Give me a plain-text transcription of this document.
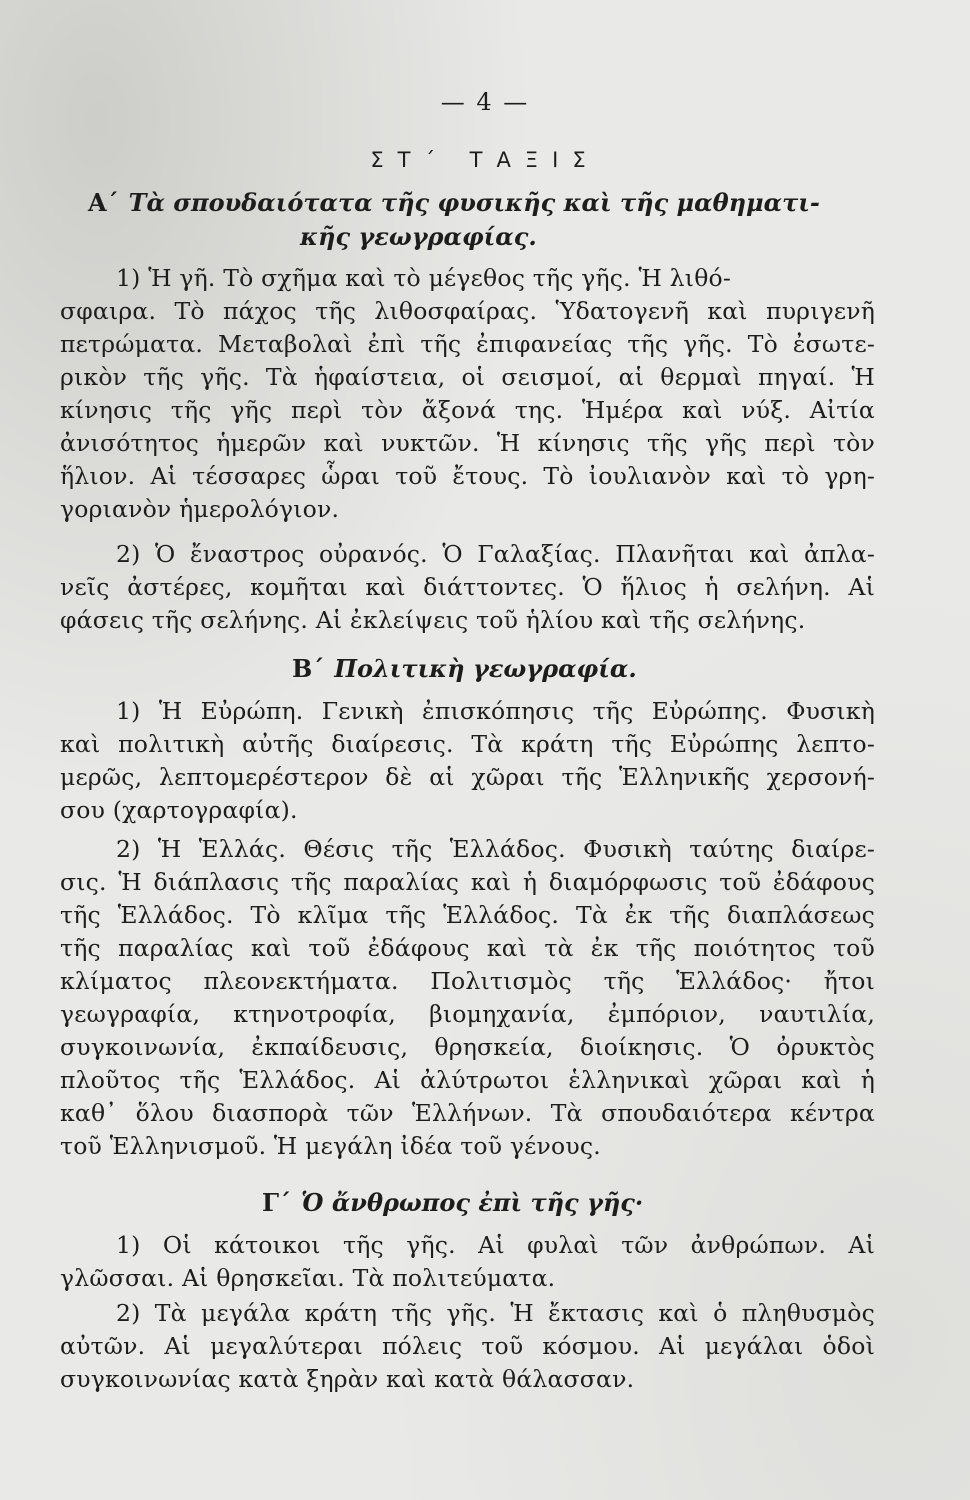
— 4 —
ΣΤ΄ ΤΑΞΙΣ
Α΄ Τὰ σπουδαιότατα τῆς φυσικῆς καὶ τῆς μαθηματι-
κῆς γεωγραφίας.
1) Ἡ γῆ. Τὸ σχῆμα καὶ τὸ μέγεθος τῆς γῆς. Ἡ λιθό-
σφαιρα. Τὸ πάχος τῆς λιθοσφαίρας. Ὑδατογενῆ καὶ πυριγενῆ
πετρώματα. Μεταβολαὶ ἐπὶ τῆς ἐπιφανείας τῆς γῆς. Τὸ ἐσωτε-
ρικὸν τῆς γῆς. Τὰ ἡφαίστεια, οἱ σεισμοί, αἱ θερμαὶ πηγαί. Ἡ
κίνησις τῆς γῆς περὶ τὸν ἄξονά της. Ἡμέρα καὶ νύξ. Αἰτία
ἀνισότητος ἡμερῶν καὶ νυκτῶν. Ἡ κίνησις τῆς γῆς περὶ τὸν
ἥλιον. Αἱ τέσσαρες ὧραι τοῦ ἔτους. Τὸ ἰουλιανὸν καὶ τὸ γρη-
γοριανὸν ἡμερολόγιον.
2) Ὁ ἔναστρος οὐρανός. Ὁ Γαλαξίας. Πλανῆται καὶ ἀπλα-
νεῖς ἀστέρες, κομῆται καὶ διάττοντες. Ὁ ἥλιος ἡ σελήνη. Αἱ
φάσεις τῆς σελήνης. Αἱ ἐκλείψεις τοῦ ἡλίου καὶ τῆς σελήνης.
Β΄ Πολιτικὴ γεωγραφία.
1) Ἡ Εὐρώπη. Γενικὴ ἐπισκόπησις τῆς Εὐρώπης. Φυσικὴ
καὶ πολιτικὴ αὐτῆς διαίρεσις. Τὰ κράτη τῆς Εὐρώπης λεπτο-
μερῶς, λεπτομερέστερον δὲ αἱ χῶραι τῆς Ἑλληνικῆς χερσονή-
σου (χαρτογραφία).
2) Ἡ Ἑλλάς. Θέσις τῆς Ἑλλάδος. Φυσικὴ ταύτης διαίρε-
σις. Ἡ διάπλασις τῆς παραλίας καὶ ἡ διαμόρφωσις τοῦ ἐδάφους
τῆς Ἑλλάδος. Τὸ κλῖμα τῆς Ἑλλάδος. Τὰ ἐκ τῆς διαπλάσεως
τῆς παραλίας καὶ τοῦ ἐδάφους καὶ τὰ ἐκ τῆς ποιότητος τοῦ
κλίματος πλεονεκτήματα. Πολιτισμὸς τῆς Ἑλλάδος· ἤτοι
γεωγραφία, κτηνοτροφία, βιομηχανία, ἐμπόριον, ναυτιλία,
συγκοινωνία, ἐκπαίδευσις, θρησκεία, διοίκησις. Ὁ ὀρυκτὸς
πλοῦτος τῆς Ἑλλάδος. Αἱ ἀλύτρωτοι ἑλληνικαὶ χῶραι καὶ ἡ
καθ᾽ ὅλου διασπορὰ τῶν Ἑλλήνων. Τὰ σπουδαιότερα κέντρα
τοῦ Ἑλληνισμοῦ. Ἡ μεγάλη ἰδέα τοῦ γένους.
Γ΄ Ὁ ἄνθρωπος ἐπὶ τῆς γῆς·
1) Οἱ κάτοικοι τῆς γῆς. Αἱ φυλαὶ τῶν ἀνθρώπων. Αἱ
γλῶσσαι. Αἱ θρησκεῖαι. Τὰ πολιτεύματα.
2) Τὰ μεγάλα κράτη τῆς γῆς. Ἡ ἔκτασις καὶ ὁ πληθυσμὸς
αὐτῶν. Αἱ μεγαλύτεραι πόλεις τοῦ κόσμου. Αἱ μεγάλαι ὁδοὶ
συγκοινωνίας κατὰ ξηρὰν καὶ κατὰ θάλασσαν.
